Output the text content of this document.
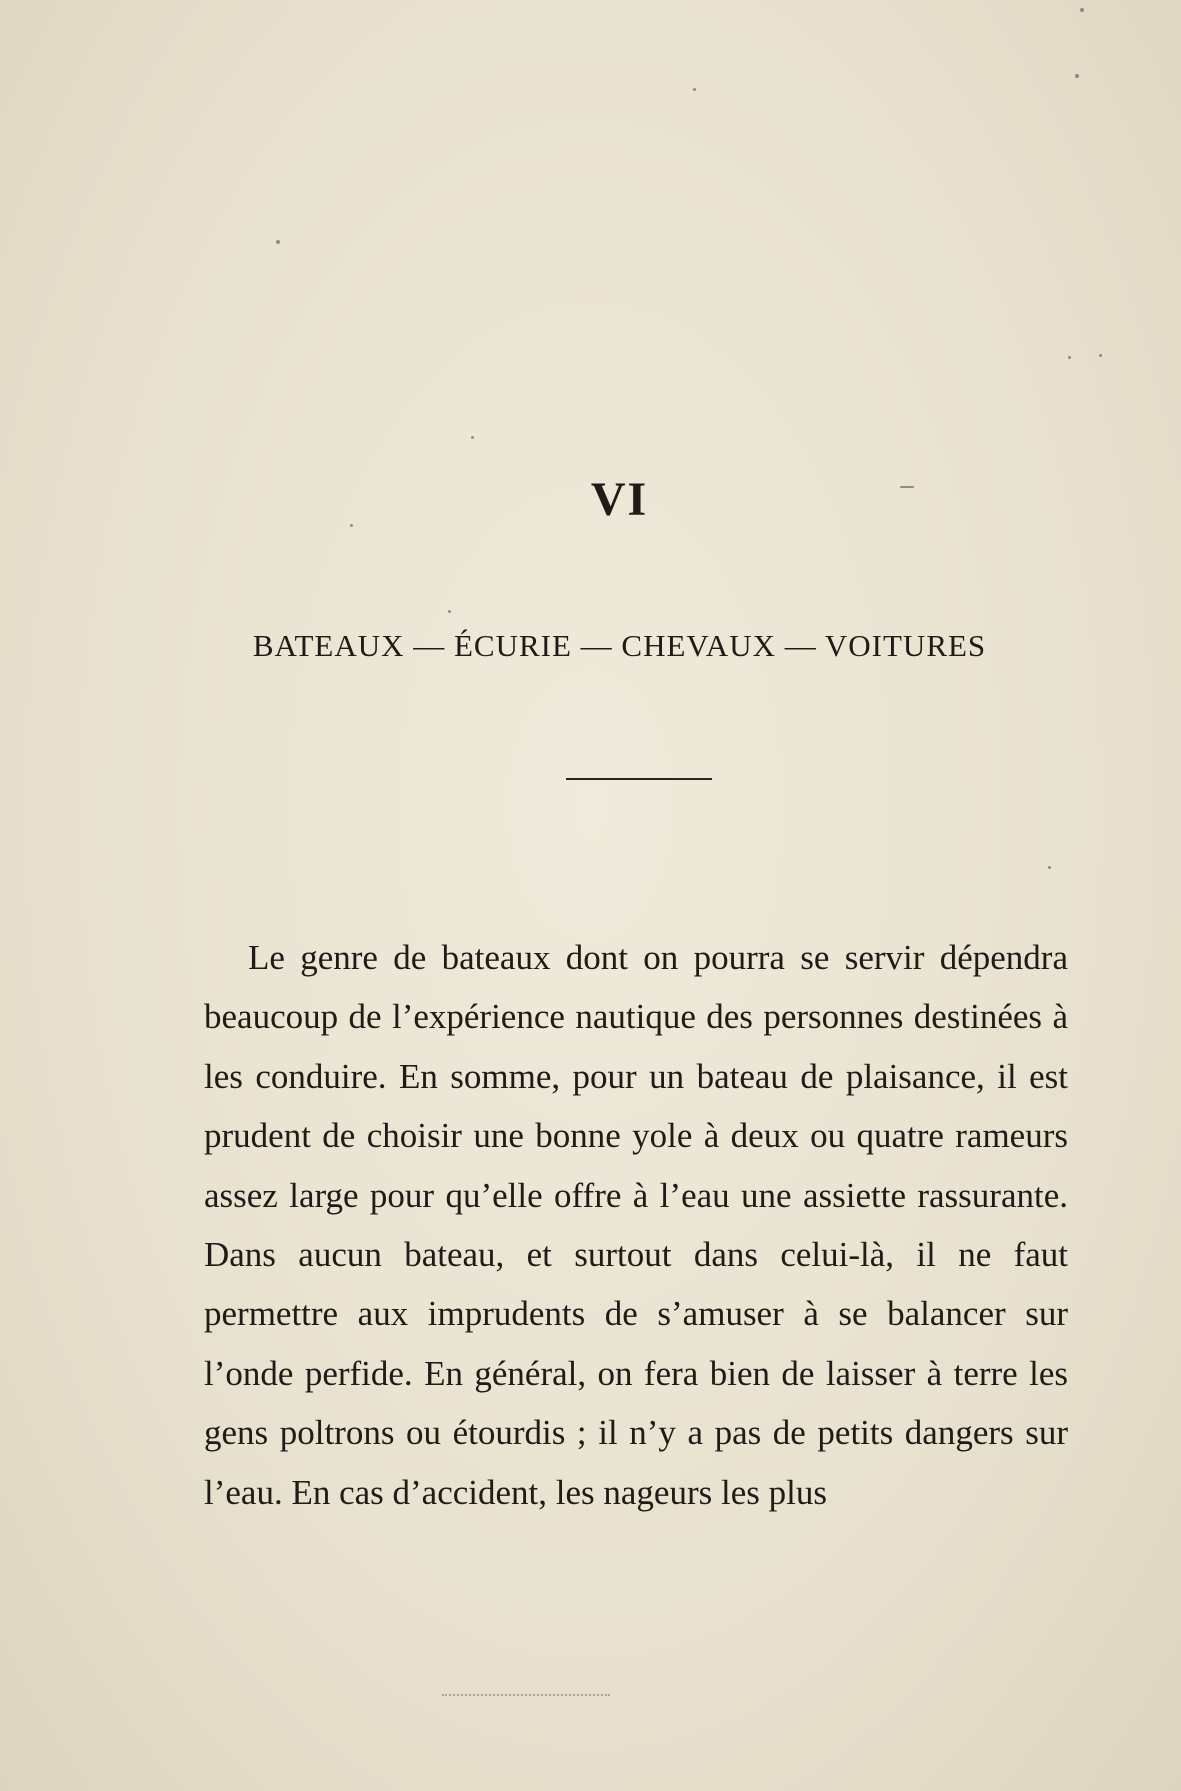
VI
BATEAUX — ÉCURIE — CHEVAUX — VOITURES

Le genre de bateaux dont on pourra se servir dépendra beaucoup de l’expérience nautique des personnes destinées à les conduire. En somme, pour un bateau de plaisance, il est prudent de choisir une bonne yole à deux ou quatre rameurs assez large pour qu’elle offre à l’eau une assiette rassurante. Dans aucun bateau, et surtout dans celui-là, il ne faut permettre aux imprudents de s’amuser à se balancer sur l’onde perfide. En général, on fera bien de laisser à terre les gens poltrons ou étourdis ; il n’y a pas de petits dangers sur l’eau. En cas d’accident, les nageurs les plus
